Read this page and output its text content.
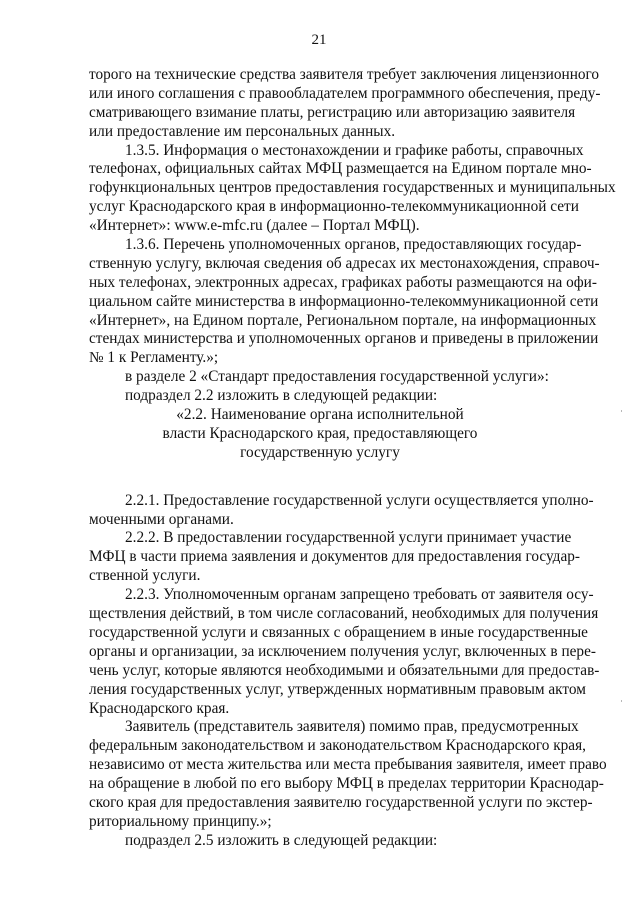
21
торого на технические средства заявителя требует заключения лицензионного
или иного соглашения с правообладателем программного обеспечения, преду-
сматривающего взимание платы, регистрацию или авторизацию заявителя
или предоставление им персональных данных.
1.3.5. Информация о местонахождении и графике работы, справочных
телефонах, официальных сайтах МФЦ размещается на Едином портале мно-
гофункциональных центров предоставления государственных и муниципальных
услуг Краснодарского края в информационно-телекоммуникационной сети
«Интернет»: www.e-mfc.ru (далее – Портал МФЦ).
1.3.6. Перечень уполномоченных органов, предоставляющих государ-
ственную услугу, включая сведения об адресах их местонахождения, справоч-
ных телефонах, электронных адресах, графиках работы размещаются на офи-
циальном сайте министерства в информационно-телекоммуникационной сети
«Интернет», на Едином портале, Региональном портале, на информационных
стендах министерства и уполномоченных органов и приведены в приложении
№ 1 к Регламенту.»;
в разделе 2 «Стандарт предоставления государственной услуги»:
подраздел 2.2 изложить в следующей редакции:
«2.2. Наименование органа исполнительной
власти Краснодарского края, предоставляющего
государственную услугу
2.2.1. Предоставление государственной услуги осуществляется уполно-
моченными органами.
2.2.2. В предоставлении государственной услуги принимает участие
МФЦ в части приема заявления и документов для предоставления государ-
ственной услуги.
2.2.3. Уполномоченным органам запрещено требовать от заявителя осу-
ществления действий, в том числе согласований, необходимых для получения
государственной услуги и связанных с обращением в иные государственные
органы и организации, за исключением получения услуг, включенных в пере-
чень услуг, которые являются необходимыми и обязательными для предостав-
ления государственных услуг, утвержденных нормативным правовым актом
Краснодарского края.
Заявитель (представитель заявителя) помимо прав, предусмотренных
федеральным законодательством и законодательством Краснодарского края,
независимо от места жительства или места пребывания заявителя, имеет право
на обращение в любой по его выбору МФЦ в пределах территории Краснодар-
ского края для предоставления заявителю государственной услуги по экстер-
риториальному принципу.»;
подраздел 2.5 изложить в следующей редакции:
